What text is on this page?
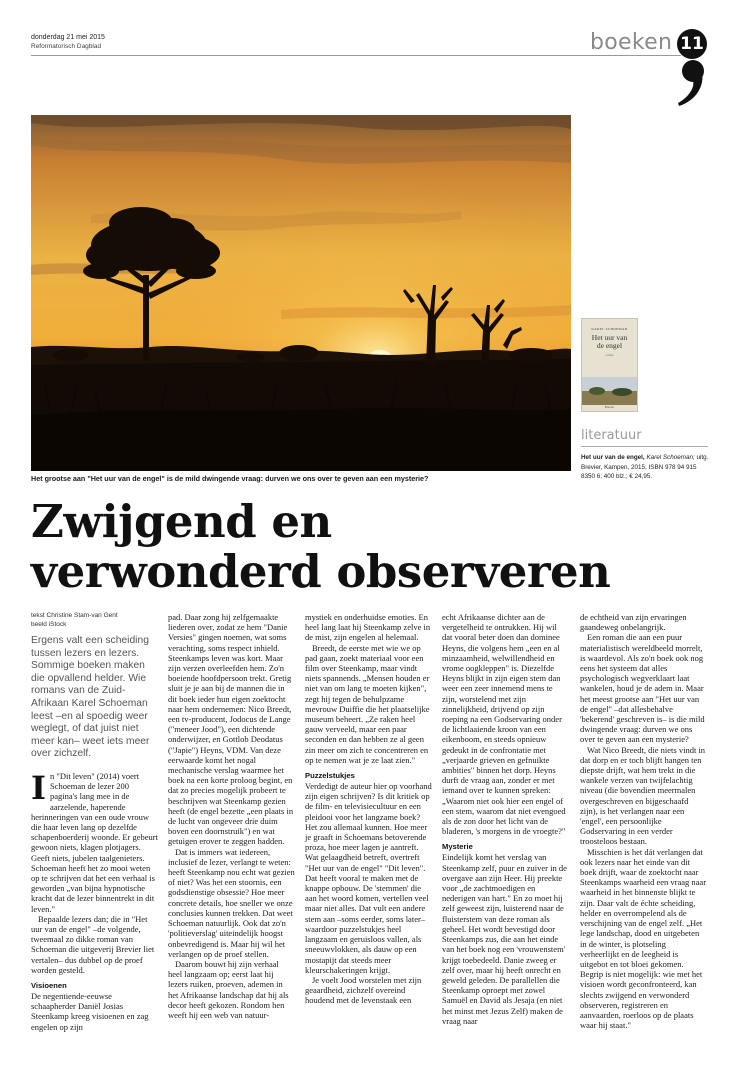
donderdag 21 mei 2015
Reformatorisch Dagblad	boeken 11
Het grootse aan "Het uur van de engel" is de mild dwingende vraag: durven we ons over te geven aan een mysterie?
KAREL SCHOEMAN
Het uur van
de engel
roman
Brevier
literatuur
Het uur van de engel, Karel Schoeman; uitg. Brevier, Kampen, 2015; ISBN 978 94 915 8350 6; 400 blz.; € 24,95.
Zwijgend en
verwonderd observeren
tekst Christine Stam-van Gent
beeld iStock
Ergens valt een scheiding tussen lezers en lezers. Sommige boeken maken die opvallend helder. Wie romans van de Zuid-Afrikaan Karel Schoeman leest –en al spoedig weer weglegt, of dat juist niet meer kan– weet iets meer over zichzelf.

In "Dit leven" (2014) voert Schoeman de lezer 200 pagina's lang mee in de aarzelende, haperende herinneringen van een oude vrouw die haar leven lang op dezelfde schapenboerderij woonde. Er gebeurt gewoon niets, klagen plotjagers. Geeft niets, jubelen taalgenieters. Schoeman heeft het zo mooi weten op te schrijven dat het een verhaal is geworden „van bijna hypnotische kracht dat de lezer binnentrekt in dit leven."

Bepaalde lezers dan; die in "Het uur van de engel" –de volgende, tweemaal zo dikke roman van Schoeman die uitgeverij Brevier liet vertalen– dus dubbel op de proef worden gesteld.

Visioenen

De negentiende-eeuwse schaapherder Daniël Josias Steenkamp kreeg visioenen en zag engelen op zijn

pad. Daar zong hij zelfgemaakte liederen over, zodat ze hem "Danie Versies" gingen noemen, wat soms verachting, soms respect inhield. Steenkamps leven was kort. Maar zijn verzen overleefden hem. Zo'n boeiende hoofdpersoon trekt. Gretig sluit je je aan bij de mannen die in dit boek ieder hun eigen zoektocht naar hem ondernemen: Nico Breedt, een tv-producent, Jodocus de Lange ("meneer Jood"), een dichtende onderwijzer, en Gottlob Deodatus ("Japie") Heyns, VDM. Van deze eerwaarde komt het nogal mechanische verslag waarmee het boek na een korte proloog begint, en dat zo precies mogelijk probeert te beschrijven wat Steenkamp gezien heeft (de engel bezette „een plaats in de lucht van ongeveer drie duim boven een doornstruik") en wat getuigen erover te zeggen hadden.

Dat is immers wat iedereen, inclusief de lezer, verlangt te weten: heeft Steenkamp nou echt wat gezien of niet? Was het een stoornis, een godsdienstige obsessie? Hoe meer concrete details, hoe sneller we onze conclusies kunnen trekken. Dat weet Schoeman natuurlijk. Ook dat zo'n 'politieverslag' uiteindelijk hoogst onbevredigend is. Maar hij wil het verlangen op de proef stellen.

Daarom bouwt hij zijn verhaal heel langzaam op; eerst laat hij lezers ruiken, proeven, ademen in het Afrikaanse landschap dat hij als decor heeft gekozen. Rondom hen weeft hij een web van natuur-

mystiek en onderhuidse emoties. En heel lang laat hij Steenkamp zelve in de mist, zijn engelen al helemaal.

Breedt, de eerste met wie we op pad gaan, zoekt materiaal voor een film over Steenkamp, maar vindt niets spannends. „Mensen houden er niet van om lang te moeten kijken", zegt hij tegen de behulpzame mevrouw Duiffie die het plaatselijke museum beheert. „Ze raken heel gauw verveeld, maar een paar seconden en dan hebben ze al geen zin meer om zich te concentreren en op te nemen wat je ze laat zien."

Puzzelstukjes

Verdedigt de auteur hier op voorhand zijn eigen schrijven? Is dit kritiek op de film- en televisiecultuur en een pleidooi voor het langzame boek? Het zou allemaal kunnen. Hoe meer je graaft in Schoemans betoverende proza, hoe meer lagen je aantreft. Wat gelaagdheid betreft, overtreft "Het uur van de engel" "Dit leven". Dat heeft vooral te maken met de knappe opbouw. De 'stemmen' die aan het woord komen, vertellen veel maar niet alles. Dat vult een andere stem aan –soms eerder, soms later– waardoor puzzelstukjes heel langzaam en geruisloos vallen, als sneeuwvlokken, als dauw op een mostapijt dat steeds meer kleurschakeringen krijgt.

Je voelt Jood worstelen met zijn geaardheid, zichzelf overeind houdend met de levenstaak een

echt Afrikaanse dichter aan de vergetelheid te ontrukken. Hij wil dat vooral beter doen dan dominee Heyns, die volgens hem „een en al minzaamheid, welwillendheid en vrome oogkleppen" is. Diezelfde Heyns blijkt in zijn eigen stem dan weer een zeer innemend mens te zijn, worstelend met zijn zinnelijkheid, drijvend op zijn roeping na een Godservaring onder de lichtlaaiende kroon van een eikenboom, en steeds opnieuw gedeukt in de confrontatie met „verjaarde grieven en gefnuikte ambities" binnen het dorp. Heyns durft de vraag aan, zonder er met iemand over te kunnen spreken: „Waarom niet ook hier een engel of een stem, waarom dat niet evengoed als de zon door het licht van de bladeren, 's morgens in de vroegte?"

Mysterie

Eindelijk komt het verslag van Steenkamp zelf, puur en zuiver in de overgave aan zijn Heer. Hij preekte voor „de zachtmoedigen en nederigen van hart." En zo moet hij zelf geweest zijn, luisterend naar de fluisterstem van deze roman als geheel. Het wordt bevestigd door Steenkamps zus, die aan het einde van het boek nog een 'vrouwenstem' krijgt toebedeeld. Danie zweeg er zelf over, maar hij heeft onrecht en geweld geleden. De parallellen die Steenkamp oproept met zowel Samuël en David als Jesaja (en niet het minst met Jezus Zelf) maken de vraag naar

de echtheid van zijn ervaringen gaandeweg onbelangrijk.

Een roman die aan een puur materialistisch wereldbeeld morrelt, is waardevol. Als zo'n boek ook nog eens het systeem dat alles psychologisch wegverklaart laat wankelen, houd je de adem in. Maar het meest grootse aan "Het uur van de engel" –dat allesbehalve 'bekerend' geschreven is– is die mild dwingende vraag: durven we ons over te geven aan een mysterie?

Wat Nico Breedt, die niets vindt in dat dorp en er toch blijft hangen ten diepste drijft, wat hem trekt in die wankele verzen van twijfelachtig niveau (die bovendien meermalen overgeschreven en bijgeschaafd zijn), is het verlangen naar een 'engel', een persoonlijke Godservaring in een verder troosteloos bestaan.

Misschien is het dát verlangen dat ook lezers naar het einde van dit boek drijft, waar de zoektocht naar Steenkamps waarheid een vraag naar waarheid in het binnenste blijkt te zijn. Daar valt de échte scheiding, helder en overrompelend als de verschijning van de engel zelf. „Het lege landschap, dood en uitgebeten in de winter, is plotseling verheerlijkt en de leegheid is uitgebot en tot bloei gekomen. Begrip is niet mogelijk: wie met het visioen wordt geconfronteerd, kan slechts zwijgend en verwonderd observeren, registreren en aanvaarden, roerloos op de plaats waar hij staat."
